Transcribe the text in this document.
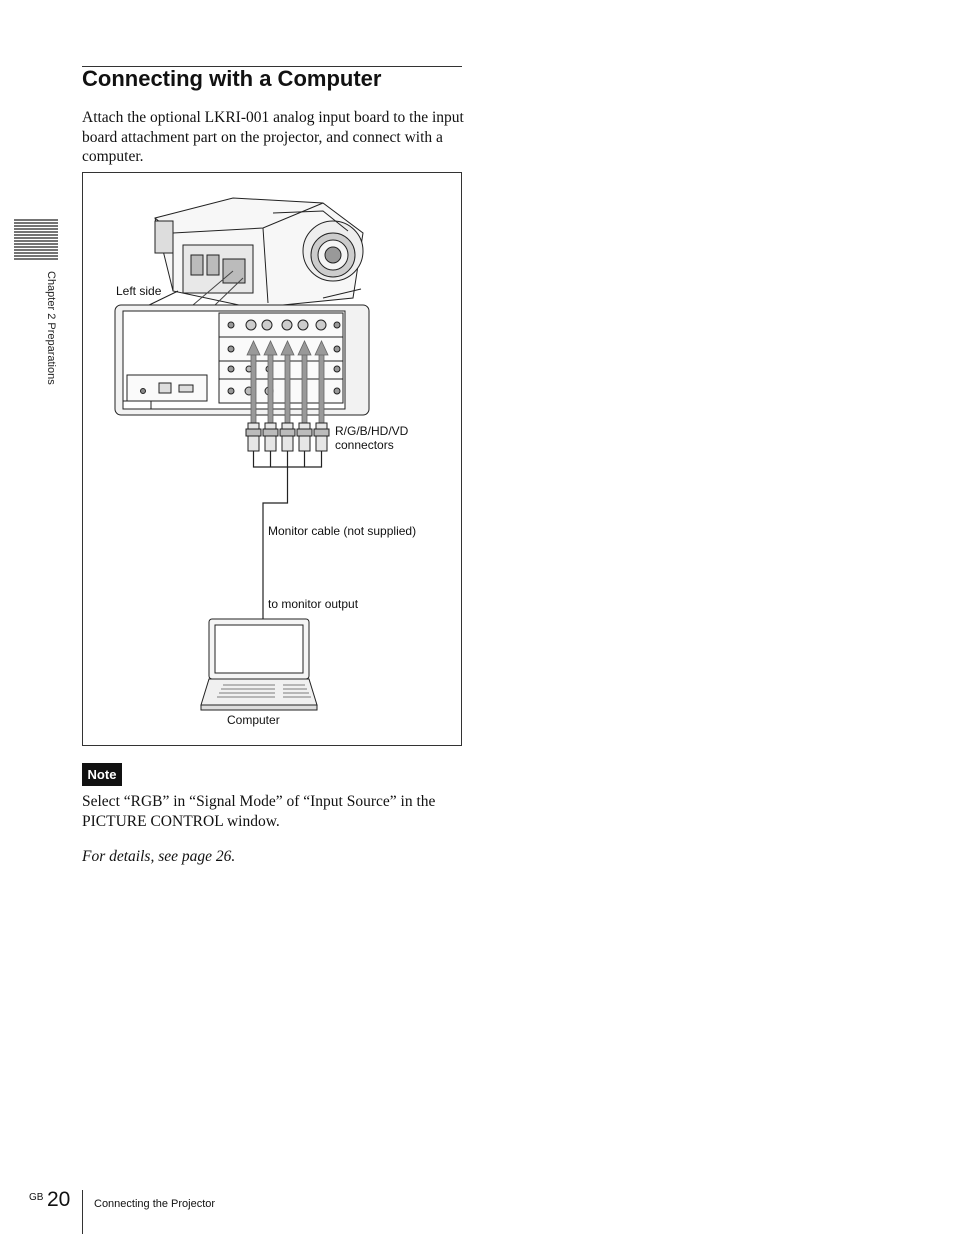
Connecting with a Computer
Attach the optional LKRI-001 analog input board to the input board attachment part on the projector, and connect with a computer.
Chapter 2 Preparations	Left side
R/G/B/HD/VD
connectors
Monitor cable (not supplied)
to monitor output
Computer
Note
Select “RGB” in “Signal Mode” of “Input Source” in the PICTURE CONTROL window.
For details, see page 26.
GB 20 Connecting the Projector
